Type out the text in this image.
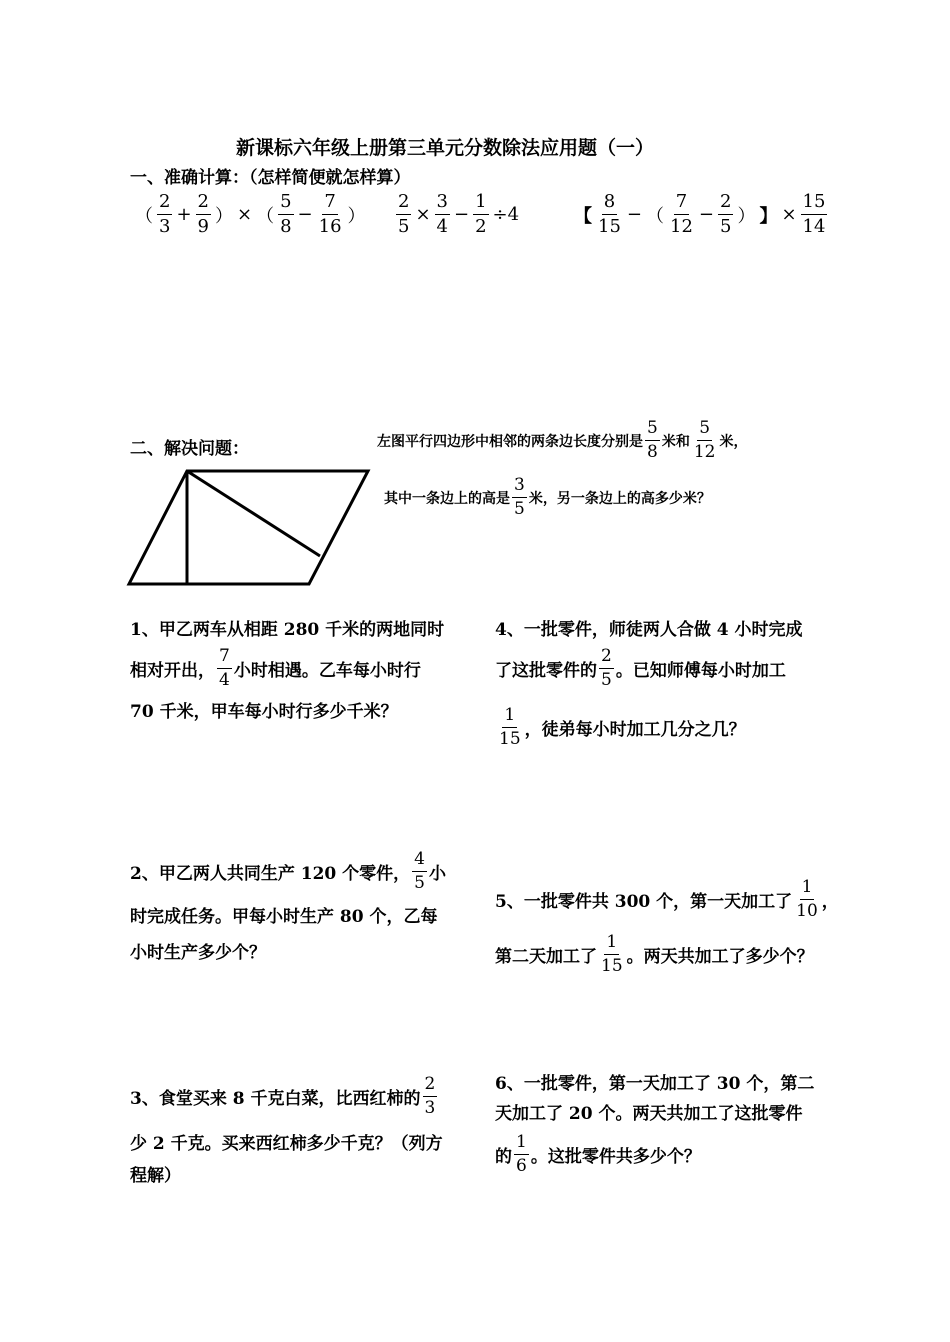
新课标六年级上册第三单元分数除法应用题（一）
一、准确计算：（怎样简便就怎样算）
（ $\frac{2}{3} + \frac{2}{9}$ ） × （ $\frac{5}{8} - \frac{7}{16}$ ） $\frac{2}{5} \times \frac{3}{4} - \frac{1}{2} \div 4$	【 $\frac{8}{15}$ − （ $\frac{7}{12} - \frac{2}{5}$ ） 】 × $\frac{15}{14}$
二、解决问题：	左图平行四边形中相邻的两条边长度分别是 $\frac{5}{8}$ 米和 $\frac{5}{12}$ 米，
其中一条边上的高是 $\frac{3}{5}$ 米，另一条边上的高多少米？
1、甲乙两车从相距 280 千米的两地同时
相对开出， $\frac{7}{4}$ 小时相遇。乙车每小时行
70 千米，甲车每小时行多少千米？
4、一批零件，师徒两人合做 4 小时完成
了这批零件的 $\frac{2}{5}$ 。已知师傅每小时加工
$\frac{1}{15}$ ，徒弟每小时加工几分之几？
2、甲乙两人共同生产 120 个零件， $\frac{4}{5}$ 小
时完成任务。甲每小时生产 80 个，乙每
小时生产多少个？
5、一批零件共 300 个，第一天加工了 $\frac{1}{10}$ ，
第二天加工了 $\frac{1}{15}$ 。两天共加工了多少个？
3、食堂买来 8 千克白菜，比西红柿的 $\frac{2}{3}$
少 2 千克。买来西红柿多少千克？（列方
程解）
6、一批零件，第一天加工了 30 个，第二
天加工了 20 个。两天共加工了这批零件
的 $\frac{1}{6}$ 。这批零件共多少个？
